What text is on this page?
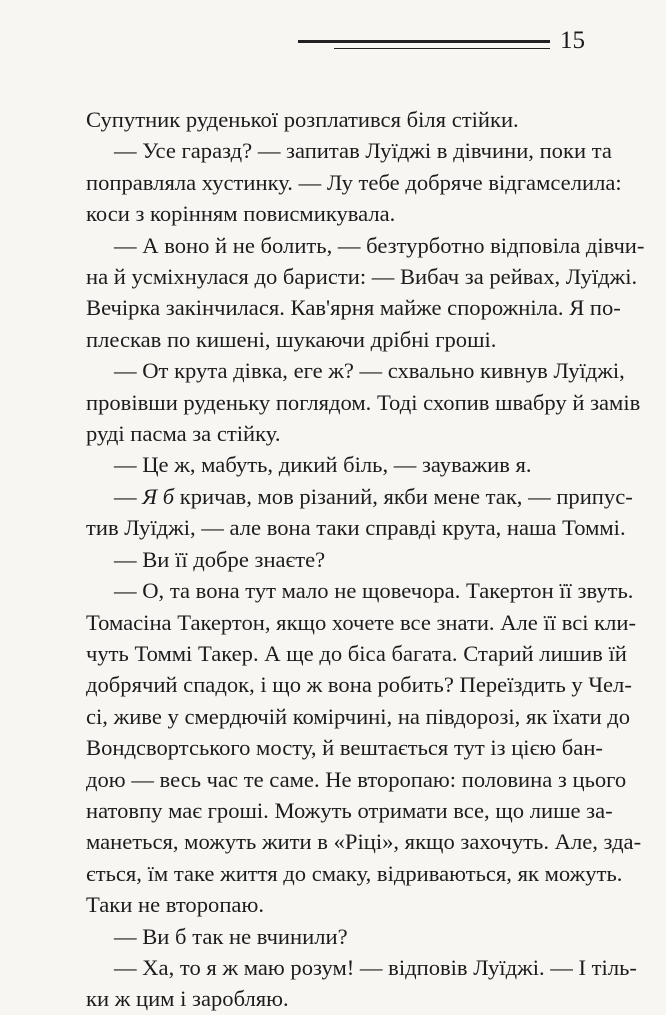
15
Супутник руденької розплатився біля стійки.
— Усе гаразд? — запитав Луїджі в дівчини, поки та
поправляла хустинку. — Лу тебе добряче відгамселила:
коси з корінням повисмикувала.
— А воно й не болить, — безтурботно відповіла дівчи-
на й усміхнулася до баристи: — Вибач за рейвах, Луїджі.
Вечірка закінчилася. Кав'ярня майже спорожніла. Я по-
плескав по кишені, шукаючи дрібні гроші.
— От крута дівка, еге ж? — схвально кивнув Луїджі,
провівши руденьку поглядом. Тоді схопив швабру й замів
руді пасма за стійку.
— Це ж, мабуть, дикий біль, — зауважив я.
— Я б кричав, мов різаний, якби мене так, — припус-
тив Луїджі, — але вона таки справді крута, наша Томмі.
— Ви її добре знаєте?
— О, та вона тут мало не щовечора. Такертон її звуть.
Томасіна Такертон, якщо хочете все знати. Але її всі кли-
чуть Томмі Такер. А ще до біса багата. Старий лишив їй
добрячий спадок, і що ж вона робить? Переїздить у Чел-
сі, живе у смердючій комірчині, на півдорозі, як їхати до
Вондсвортського мосту, й вештається тут із цією бан-
дою — весь час те саме. Не второпаю: половина з цього
натовпу має гроші. Можуть отримати все, що лише за-
манеться, можуть жити в «Ріці», якщо захочуть. Але, зда-
ється, їм таке життя до смаку, відриваються, як можуть.
Таки не второпаю.
— Ви б так не вчинили?
— Ха, то я ж маю розум! — відповів Луїджі. — І тіль-
ки ж цим і заробляю.
